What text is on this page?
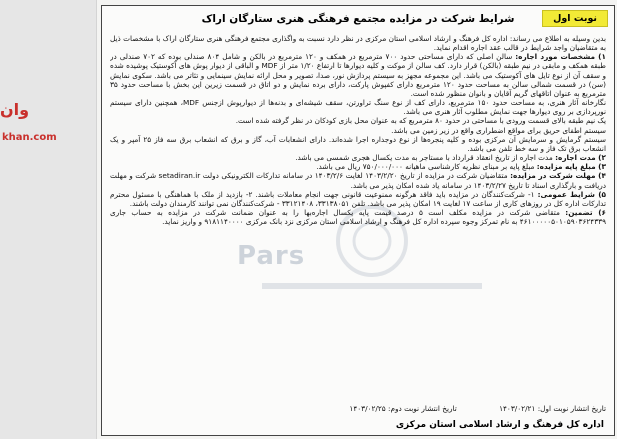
وان
khan.com
Pars
نوبت اول
شرایط شرکت در مزایده مجتمع فرهنگی هنری ستارگان اراک

بدین وسیله به اطلاع می رساند: اداره کل فرهنگ و ارشاد اسلامی استان مرکزی در نظر دارد نسبت به واگذاری مجتمع فرهنگی هنری ستارگان اراک با مشخصات ذیل به متقاضیان واجد شرایط در قالب عقد اجاره اقدام نماید.

۱) مشخصات مورد اجاره: سالن اصلی که دارای مساحتی حدود ۷۰۰ مترمربع در همکف و ۱۲۰ مترمربع در بالکن و شامل ۸۰۴ صندلی بوده که ۷۰۲ صندلی در طبقه همکف و مابقی در نیم طبقه (بالکن) قرار دارد. کف سالن از موکت و کلیه دیوارها تا ارتفاع ۱/۲۰ متر از MDF و الباقی از دیوار پوش های آکوستیک پوشیده شده و سقف آن از نوع تایل های آکوستیک می باشد. این مجموعه مجهز به سیستم پردازش نور، صدا، تصویر و محل ارائه نمایش سینمایی و تئاتر می باشد. سکوی نمایش (سن) در قسمت شمالی سالن به مساحت حدود ۱۲۰ مترمربع دارای کفپوش پارکت، دارای برده نمایش و دو اتاق در قسمت زیرین این بخش با مساحت حدود ۳۵ مترمربع به عنوان اتاقهای گریم آقایان و بانوان منظور شده است.

نگارخانه آثار هنری، به مساحت حدود ۱۵۰ مترمربع، دارای کف از نوع سنگ تراورتن، سقف شیشه‌ای و بدنه‌ها از دیوارپوش ازجنس MDF، همچنین دارای سیستم نورپردازی بر روی دیوارها جهت نمایش مطلوب آثار هنری می باشد.

یک نیم طبقه بالای قسمت ورودی با مساحتی در حدود ۸۰ مترمربع که به عنوان محل بازی کودکان در نظر گرفته شده است.

سیستم اطفای حریق برای مواقع اضطراری واقع در زیر زمین می باشد.

سیستم گرمایش و سرمایش آن مرکزی بوده و کلیه پنجره‌ها از نوع دوجداره اجرا شده‌اند. دارای انشعابات آب، گاز و برق که انشعاب برق سه فاز ۲۵ آمپر و یک انشعاب برق تک فاز و سه خط تلفن می باشد.

۲) مدت اجاره: مدت اجاره از تاریخ انعقاد قرارداد با مستاجر به مدت یکسال هجری شمسی می باشد.

۳) مبلغ پایه مزایده: مبلغ پایه بر مبنای نظریه کارشناسی ماهیانه ۷۵۰/۰۰۰/۰۰۰ ریال می باشد.

۴) مهلت شرکت در مزایده: متقاضیان شرکت در مزایده از تاریخ ۱۴۰۳/۲/۲۰ لغایت ۱۴۰۳/۲/۶ در سامانه تدارکات الکترونیکی دولت setadiran.ir شرکت و مهلت دریافت و بارگذاری اسناد تا تاریخ ۱۴۰۳/۲/۲۷ در سامانه یاد شده امکان پذیر می باشد.

۵) شرایط عمومی: ۱- شرکت‌کنندگان در مزایده باید فاقد هرگونه ممنوعیت قانونی جهت انجام معاملات باشند. ۲- بازدید از ملک با هماهنگی با مسئول محترم تدارکات اداره کل در روزهای کاری از ساعت ۱۷ لغایت ۱۹ امکان پذیر می باشد. تلفن ۳۳۱۳۸۰۵۱، ۳۳۱۲۱۴۰۸ - شرکت‌کنندگان نمی توانند کارمندان دولت باشند.

۶) تضمین: متقاضی شرکت در مزایده مکلف است ۵ درصد قیمت پایه یکسال اجاره‌بها را به عنوان ضمانت شرکت در مزایده به حساب جاری ۴۶۱۰۰۰۰۰۵۰۱۰۵۹۰۳۶۲۴۳۳۹ به نام تمرکز وجوه سپرده اداره کل فرهنگ و ارشاد اسلامی استان مرکزی نزد بانک مرکزی ۹۱۸۱۱۴۰۰۰۰ و واریز نماید.

تاریخ انتشار نوبت اول: ۱۴۰۳/۰۲/۲۱ تاریخ انتشار نوبت دوم: ۱۴۰۳/۰۲/۲۵
اداره کل فرهنگ و ارشاد اسلامی استان مرکزی
